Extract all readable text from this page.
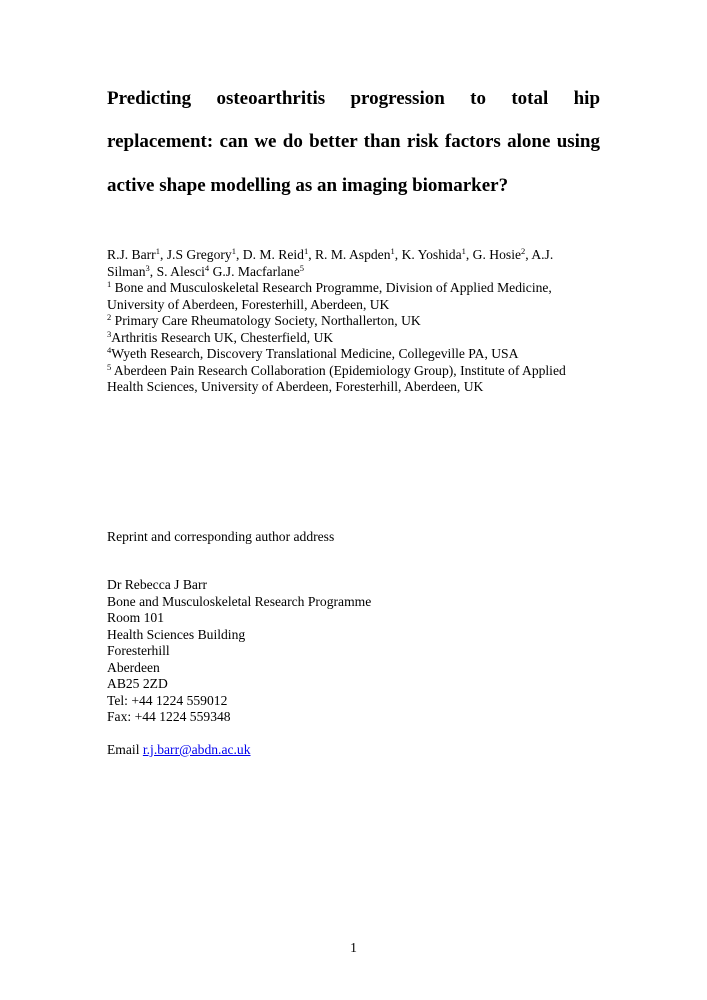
Predicting osteoarthritis progression to total hip
replacement: can we do better than risk factors alone using
active shape modelling as an imaging biomarker?
R.J. Barr$^1$, J.S Gregory$^1$, D. M. Reid$^1$, R. M. Aspden$^1$, K. Yoshida$^1$, G. Hosie$^2$, A.J.
Silman$^3$, S. Alesci$^4$ G.J. Macfarlane$^5$
$^1$ Bone and Musculoskeletal Research Programme, Division of Applied Medicine,
University of Aberdeen, Foresterhill, Aberdeen, UK
$^2$ Primary Care Rheumatology Society, Northallerton, UK
$^3$Arthritis Research UK, Chesterfield, UK
$^4$Wyeth Research, Discovery Translational Medicine, Collegeville PA, USA
$^5$ Aberdeen Pain Research Collaboration (Epidemiology Group), Institute of Applied
Health Sciences, University of Aberdeen, Foresterhill, Aberdeen, UK
Reprint and corresponding author address
Dr Rebecca J Barr
Bone and Musculoskeletal Research Programme
Room 101
Health Sciences Building
Foresterhill
Aberdeen
AB25 2ZD
Tel: +44 1224 559012
Fax: +44 1224 559348
Email r.j.barr@abdn.ac.uk
1
